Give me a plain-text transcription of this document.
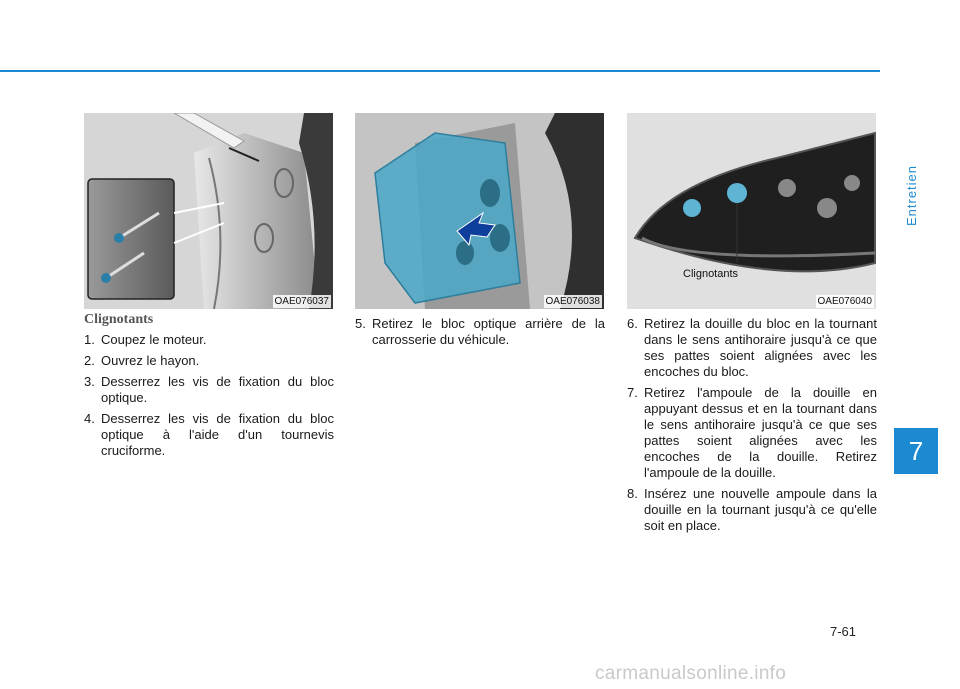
Entretien
7
OAE076037	OAE076038
Clignotants
OAE076040
Clignotants
1. Coupez le moteur.
2. Ouvrez le hayon.
3. Desserrez les vis de fixation du bloc optique.
4. Desserrez les vis de fixation du bloc optique à l'aide d'un tournevis cruciforme.
5. Retirez le bloc optique arrière de la carrosserie du véhicule.
6. Retirez la douille du bloc en la tournant dans le sens antihoraire jusqu'à ce que ses pattes soient alignées avec les encoches du bloc.
7. Retirez l'ampoule de la douille en appuyant dessus et en la tournant dans le sens antihoraire jusqu'à ce que ses pattes soient alignées avec les encoches de la douille. Retirez l'ampoule de la douille.
8. Insérez une nouvelle ampoule dans la douille en la tournant jusqu'à ce qu'elle soit en place.
7-61
carmanualsonline.info
